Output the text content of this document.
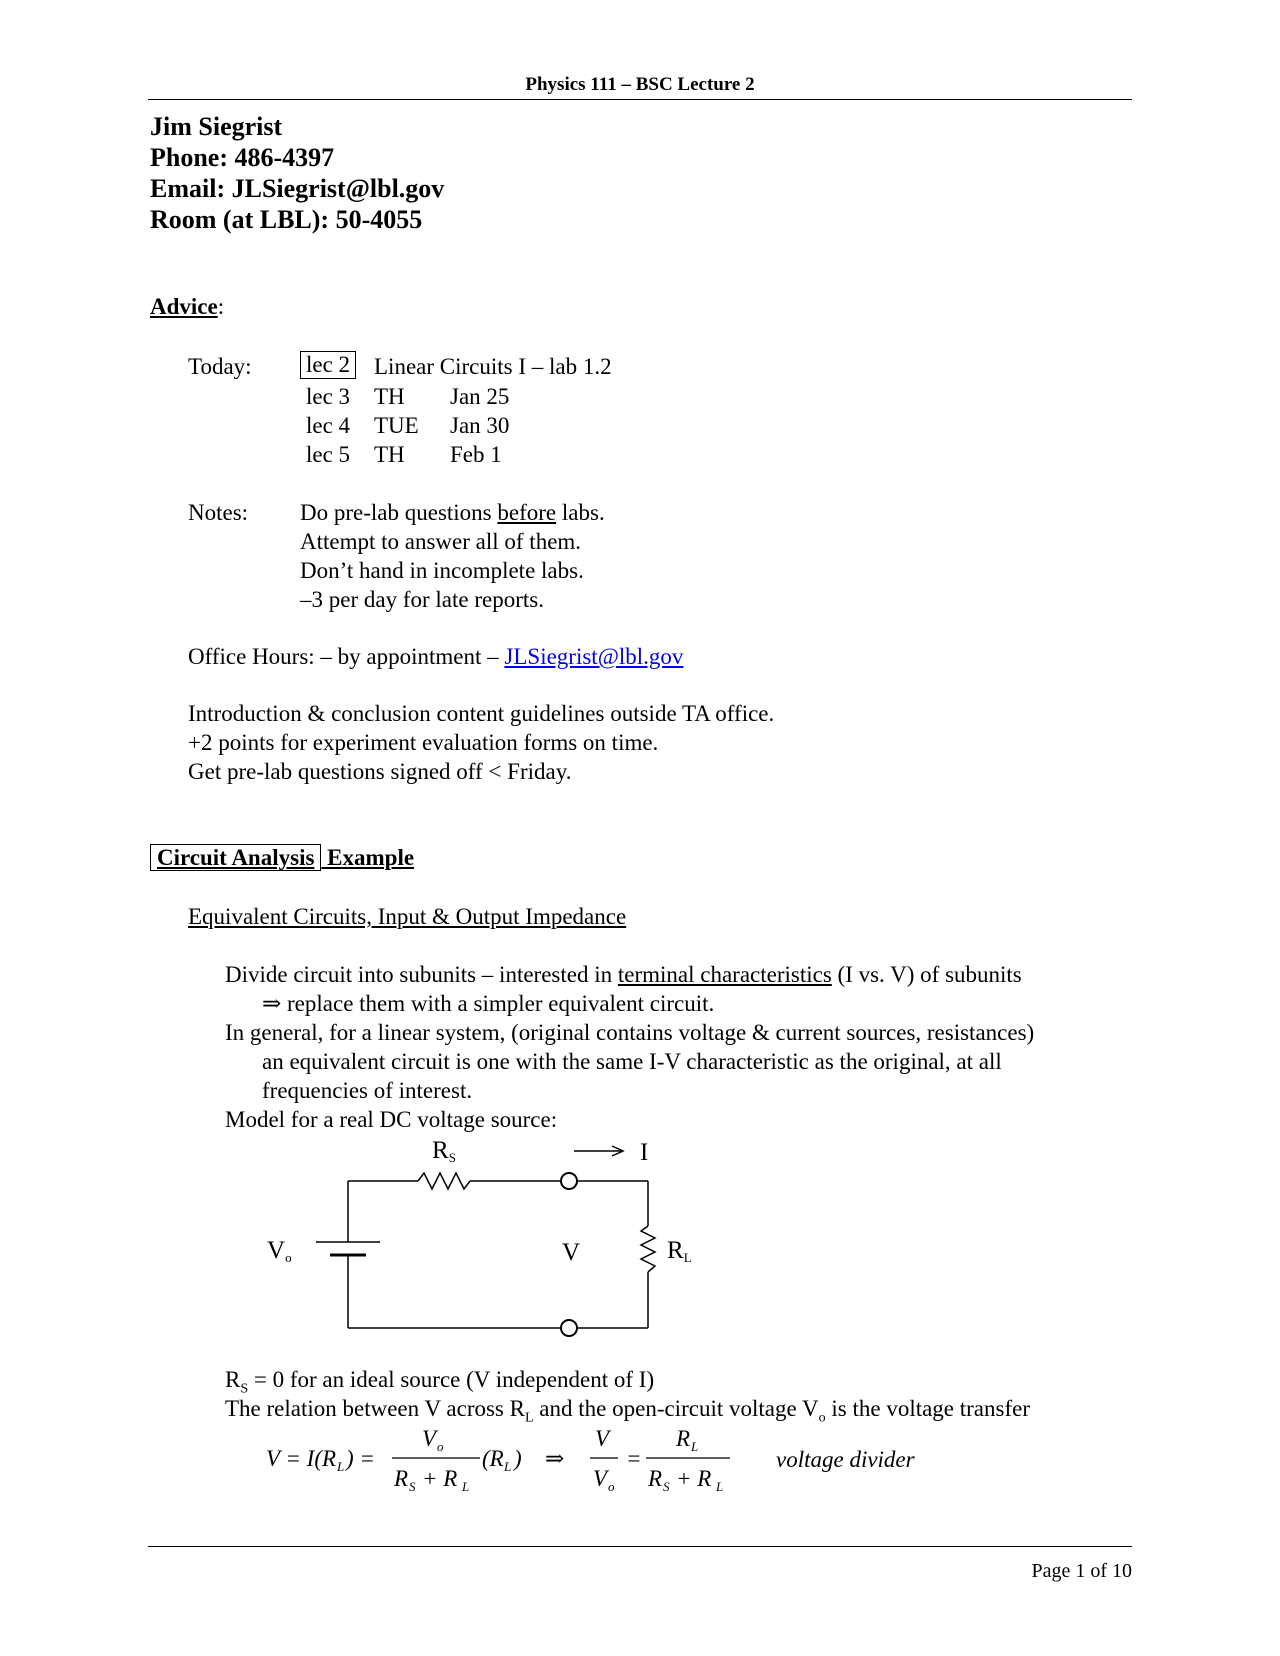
Physics 111 – BSC Lecture 2
Jim Siegrist
Phone: 486-4397
Email: JLSiegrist@lbl.gov
Room (at LBL): 50-4055
Advice:
Today: lec 2 Linear Circuits I – lab 1.2
lec 3 TH Jan 25
lec 4 TUE Jan 30
lec 5 TH Feb 1
Notes: Do pre-lab questions before labs.
Attempt to answer all of them.
Don’t hand in incomplete labs.
–3 per day for late reports.
Office Hours: – by appointment – JLSiegrist@lbl.gov
Introduction & conclusion content guidelines outside TA office.
+2 points for experiment evaluation forms on time.
Get pre-lab questions signed off < Friday.
Circuit Analysis Example
Equivalent Circuits, Input & Output Impedance
Divide circuit into subunits – interested in terminal characteristics (I vs. V) of subunits
⇒ replace them with a simpler equivalent circuit.
In general, for a linear system, (original contains voltage & current sources, resistances)
an equivalent circuit is one with the same I-V characteristic as the original, at all
frequencies of interest.
Model for a real DC voltage source:
RS	I
Vo	V	RL
$R_S = 0$ for an ideal source (V independent of I)
The relation between V across $R_L$ and the open-circuit voltage $V_o$ is the voltage transfer
V = I(R L ) =
V o
R S + R L
(R L ) ⇒
V
V o
=
R L
R S + R L
voltage divider
Page 1 of 10
